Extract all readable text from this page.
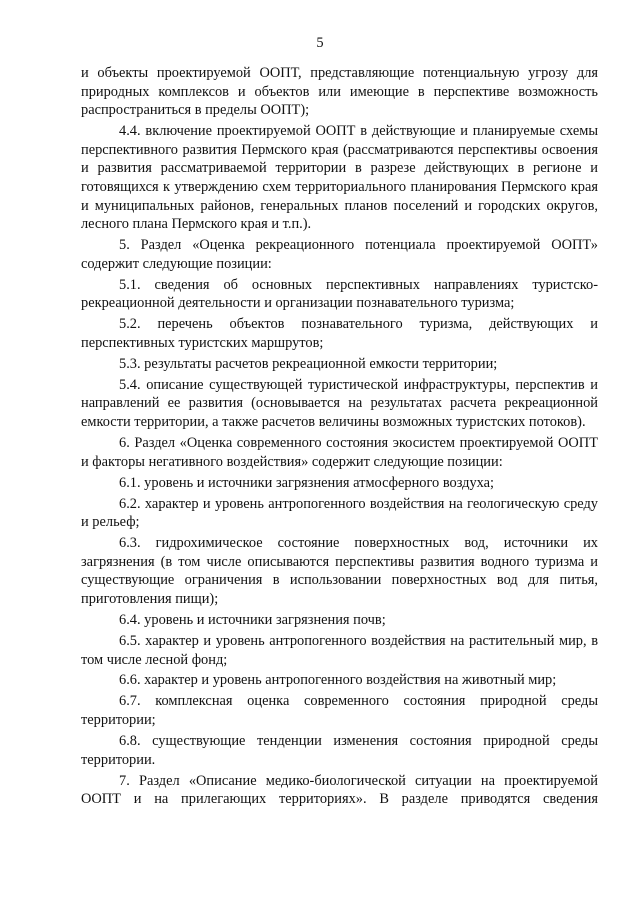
5

и объекты проектируемой ООПТ, представляющие потенциальную угрозу для природных комплексов и объектов или имеющие в перспективе возможность распространиться в пределы ООПТ);

4.4. включение проектируемой ООПТ в действующие и планируемые схемы перспективного развития Пермского края (рассматриваются перспективы освоения и развития рассматриваемой территории в разрезе действующих в регионе и готовящихся к утверждению схем территориального планирования Пермского края и муниципальных районов, генеральных планов поселений и городских округов, лесного плана Пермского края и т.п.).

5. Раздел «Оценка рекреационного потенциала проектируемой ООПТ» содержит следующие позиции:

5.1. сведения об основных перспективных направлениях туристско-рекреационной деятельности и организации познавательного туризма;

5.2. перечень объектов познавательного туризма, действующих и перспективных туристских маршрутов;

5.3. результаты расчетов рекреационной емкости территории;

5.4. описание существующей туристической инфраструктуры, перспектив и направлений ее развития (основывается на результатах расчета рекреационной емкости территории, а также расчетов величины возможных туристских потоков).

6. Раздел «Оценка современного состояния экосистем проектируемой ООПТ и факторы негативного воздействия» содержит следующие позиции:

6.1. уровень и источники загрязнения атмосферного воздуха;

6.2. характер и уровень антропогенного воздействия на геологическую среду и рельеф;

6.3. гидрохимическое состояние поверхностных вод, источники их загрязнения (в том числе описываются перспективы развития водного туризма и существующие ограничения в использовании поверхностных вод для питья, приготовления пищи);

6.4. уровень и источники загрязнения почв;

6.5. характер и уровень антропогенного воздействия на растительный мир, в том числе лесной фонд;

6.6. характер и уровень антропогенного воздействия на животный мир;

6.7. комплексная оценка современного состояния природной среды территории;

6.8. существующие тенденции изменения состояния природной среды территории.

7. Раздел «Описание медико-биологической ситуации на проектируемой ООПТ и на прилегающих территориях». В разделе приводятся сведения
